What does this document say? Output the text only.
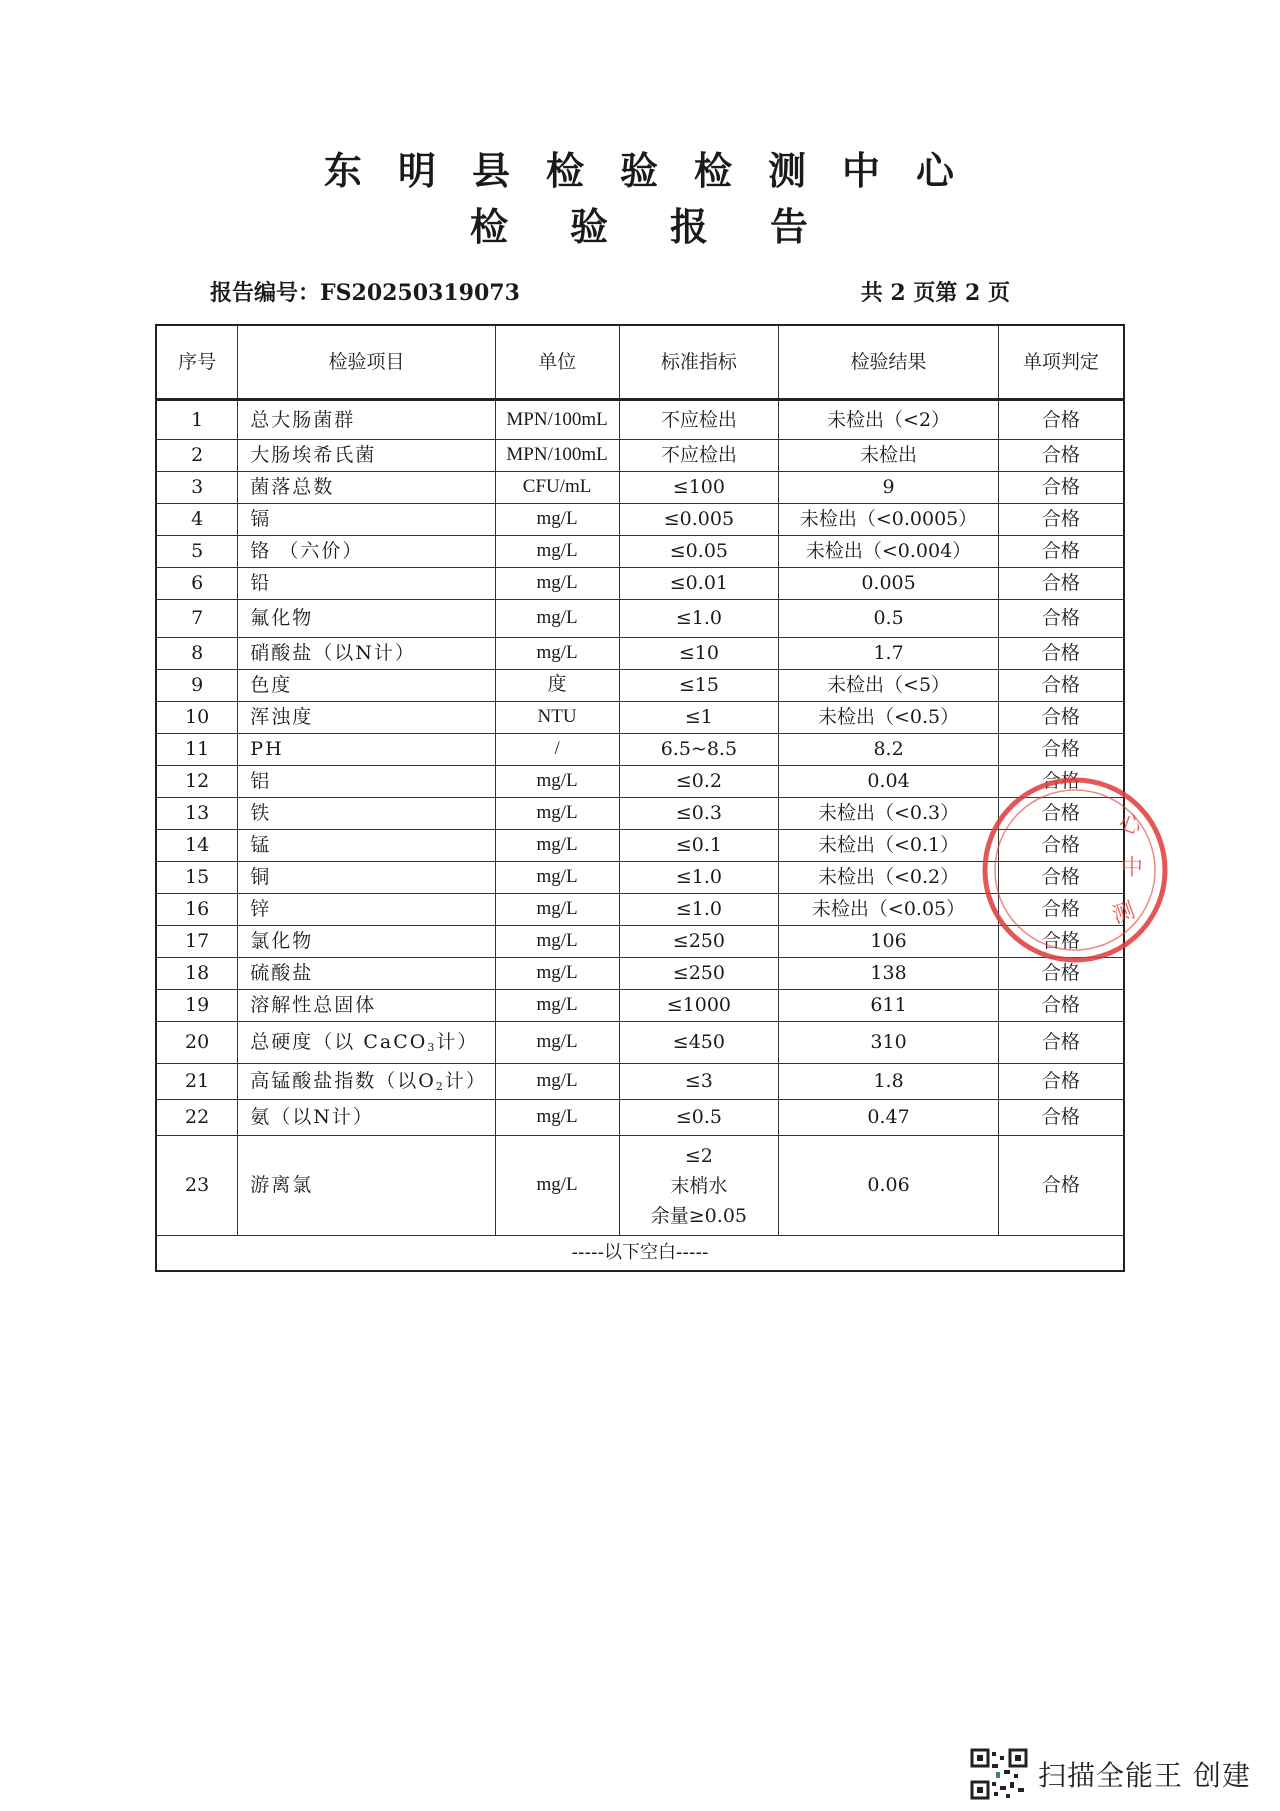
东 明 县 检 验 检 测 中 心
检 验 报 告
报告编号：FS20250319073	共 2 页第 2 页
序号	检验项目	单位	标准指标	检验结果	单项判定
1	总大肠菌群	MPN/100mL	不应检出	未检出（<2）	合格
2	大肠埃希氏菌	MPN/100mL	不应检出	未检出	合格
3	菌落总数	CFU/mL	≤100	9	合格
4	镉	mg/L	≤0.005	未检出（<0.0005）	合格
5	铬 （六价）	mg/L	≤0.05	未检出（<0.004）	合格
6	铅	mg/L	≤0.01	0.005	合格
7	氟化物	mg/L	≤1.0	0.5	合格
8	硝酸盐（以N计）	mg/L	≤10	1.7	合格
9	色度	度	≤15	未检出（<5）	合格
10	浑浊度	NTU	≤1	未检出（<0.5）	合格
11	PH	/	6.5~8.5	8.2	合格
12	铝	mg/L	≤0.2	0.04	合格
13	铁	mg/L	≤0.3	未检出（<0.3）	合格
14	锰	mg/L	≤0.1	未检出（<0.1）	合格
15	铜	mg/L	≤1.0	未检出（<0.2）	合格
16	锌	mg/L	≤1.0	未检出（<0.05）	合格
17	氯化物	mg/L	≤250	106	合格
18	硫酸盐	mg/L	≤250	138	合格
19	溶解性总固体	mg/L	≤1000	611	合格
20	总硬度（以 CaCO$_3$计）	mg/L	≤450	310	合格
21	高锰酸盐指数（以$O_2$计）	mg/L	≤3	1.8	合格
22	氨（以N计）	mg/L	≤0.5	0.47	合格
23	游离氯	mg/L	≤2
末梢水
余量≥0.05	0.06	合格
-----以下空白-----					
心
中
测
扫描全能王 创建
